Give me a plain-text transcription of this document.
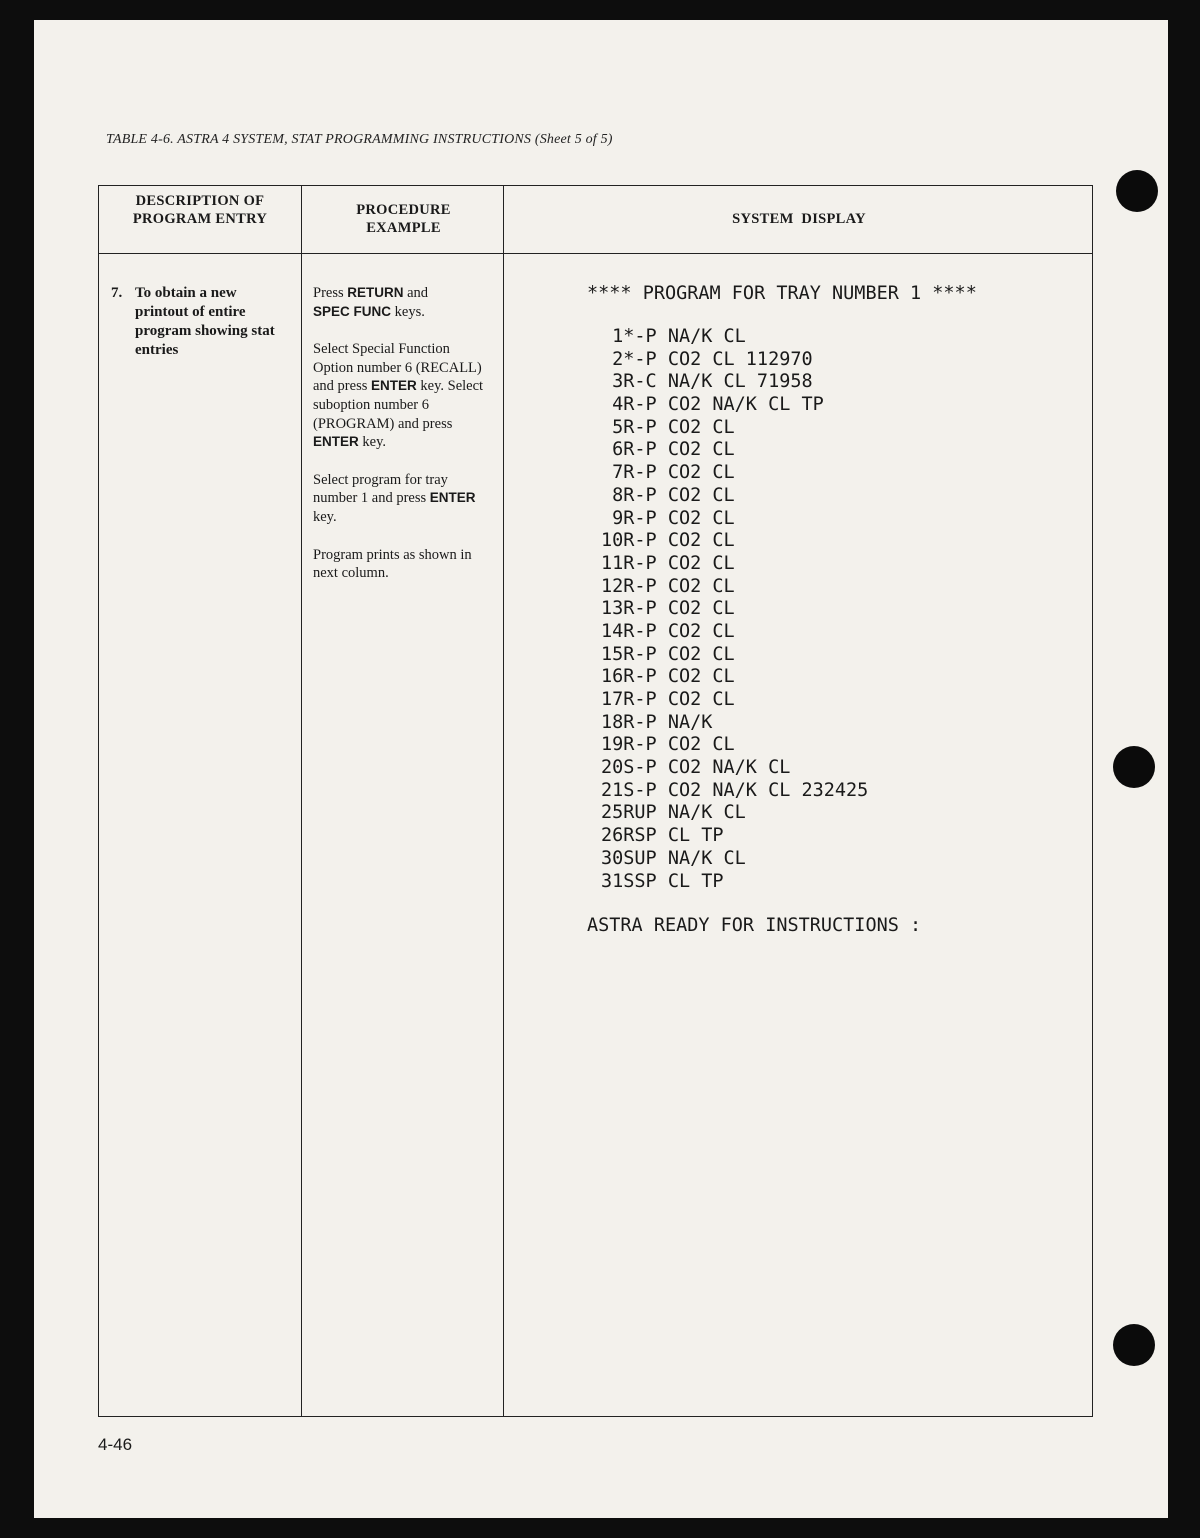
TABLE 4-6. ASTRA 4 SYSTEM, STAT PROGRAMMING INSTRUCTIONS (Sheet 5 of 5)
DESCRIPTION OF PROGRAM ENTRY
PROCEDURE EXAMPLE
SYSTEM  DISPLAY
7. To obtain a new printout of entire program showing stat entries

Press RETURN and
SPEC FUNC keys.

Select Special Function Option number 6 (RECALL) and press ENTER key. Select suboption number 6 (PROGRAM) and press ENTER key.

Select program for tray number 1 and press ENTER key.

Program prints as shown in next column.

**** PROGRAM FOR TRAY NUMBER 1 ****
1*-P NA/K CL
2*-P CO2 CL 112970
3R-C NA/K CL 71958
4R-P CO2 NA/K CL TP
5R-P CO2 CL
6R-P CO2 CL
7R-P CO2 CL
8R-P CO2 CL
9R-P CO2 CL
10R-P CO2 CL
11R-P CO2 CL
12R-P CO2 CL
13R-P CO2 CL
14R-P CO2 CL
15R-P CO2 CL
16R-P CO2 CL
17R-P CO2 CL
18R-P NA/K
19R-P CO2 CL
20S-P CO2 NA/K CL
21S-P CO2 NA/K CL 232425
25RUP NA/K CL
26RSP CL TP
30SUP NA/K CL
31SSP CL TP
ASTRA READY FOR INSTRUCTIONS :
4-46
